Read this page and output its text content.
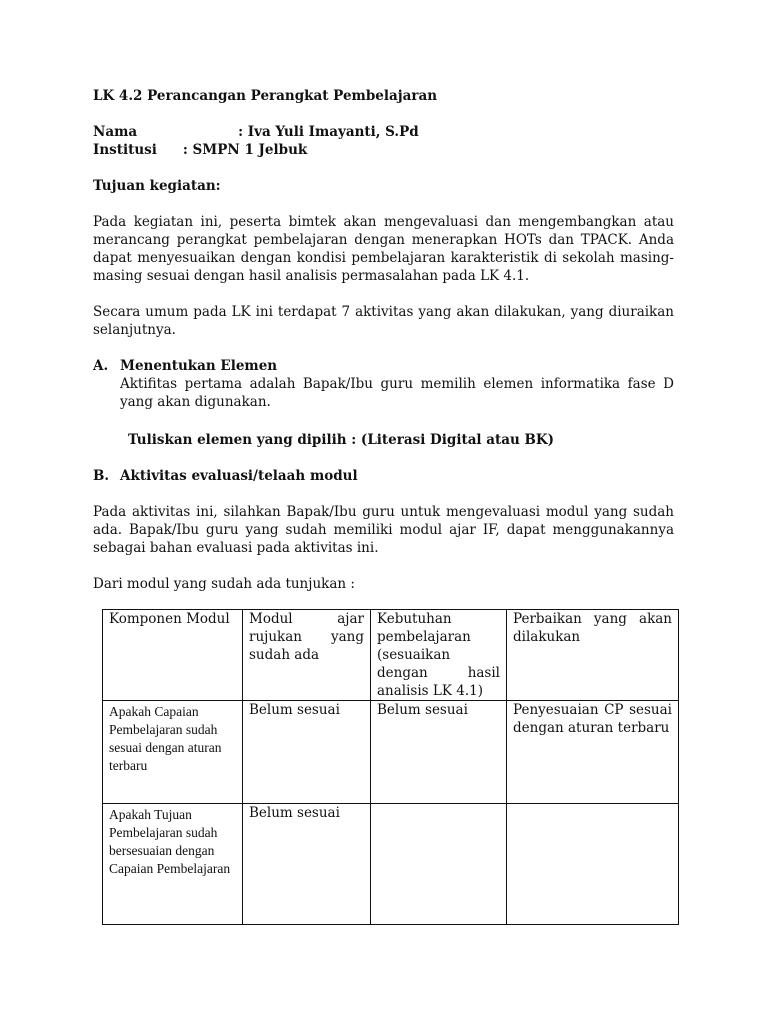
LK 4.2 Perancangan Perangkat Pembelajaran

Nama	: Iva Yuli Imayanti, S.Pd
Institusi : SMPN 1 Jelbuk

Tujuan kegiatan:

Pada kegiatan ini, peserta bimtek akan mengevaluasi dan mengembangkan atau merancang perangkat pembelajaran dengan menerapkan HOTs dan TPACK. Anda dapat menyesuaikan dengan kondisi pembelajaran karakteristik di sekolah masing-masing sesuai dengan hasil analisis permasalahan pada LK 4.1.

Secara umum pada LK ini terdapat 7 aktivitas yang akan dilakukan, yang diuraikan selanjutnya.

A. Menentukan Elemen

Aktifitas pertama adalah Bapak/Ibu guru memilih elemen informatika fase D yang akan digunakan.

Tuliskan elemen yang dipilih : (Literasi Digital atau BK)

B. Aktivitas evaluasi/telaah modul

Pada aktivitas ini, silahkan Bapak/Ibu guru untuk mengevaluasi modul yang sudah ada. Bapak/Ibu guru yang sudah memiliki modul ajar IF, dapat menggunakannya sebagai bahan evaluasi pada aktivitas ini.

Dari modul yang sudah ada tunjukan :

Komponen Modul	Modul ajar rujukan yang sudah ada	Kebutuhan pembelajaran (sesuaikan dengan hasil analisis LK 4.1)	Perbaikan yang akan dilakukan
Apakah Capaian Pembelajaran sudah sesuai dengan aturan terbaru	Belum sesuai	Belum sesuai	Penyesuaian CP sesuai dengan aturan terbaru
Apakah Tujuan Pembelajaran sudah bersesuaian dengan Capaian Pembelajaran	Belum sesuai		
